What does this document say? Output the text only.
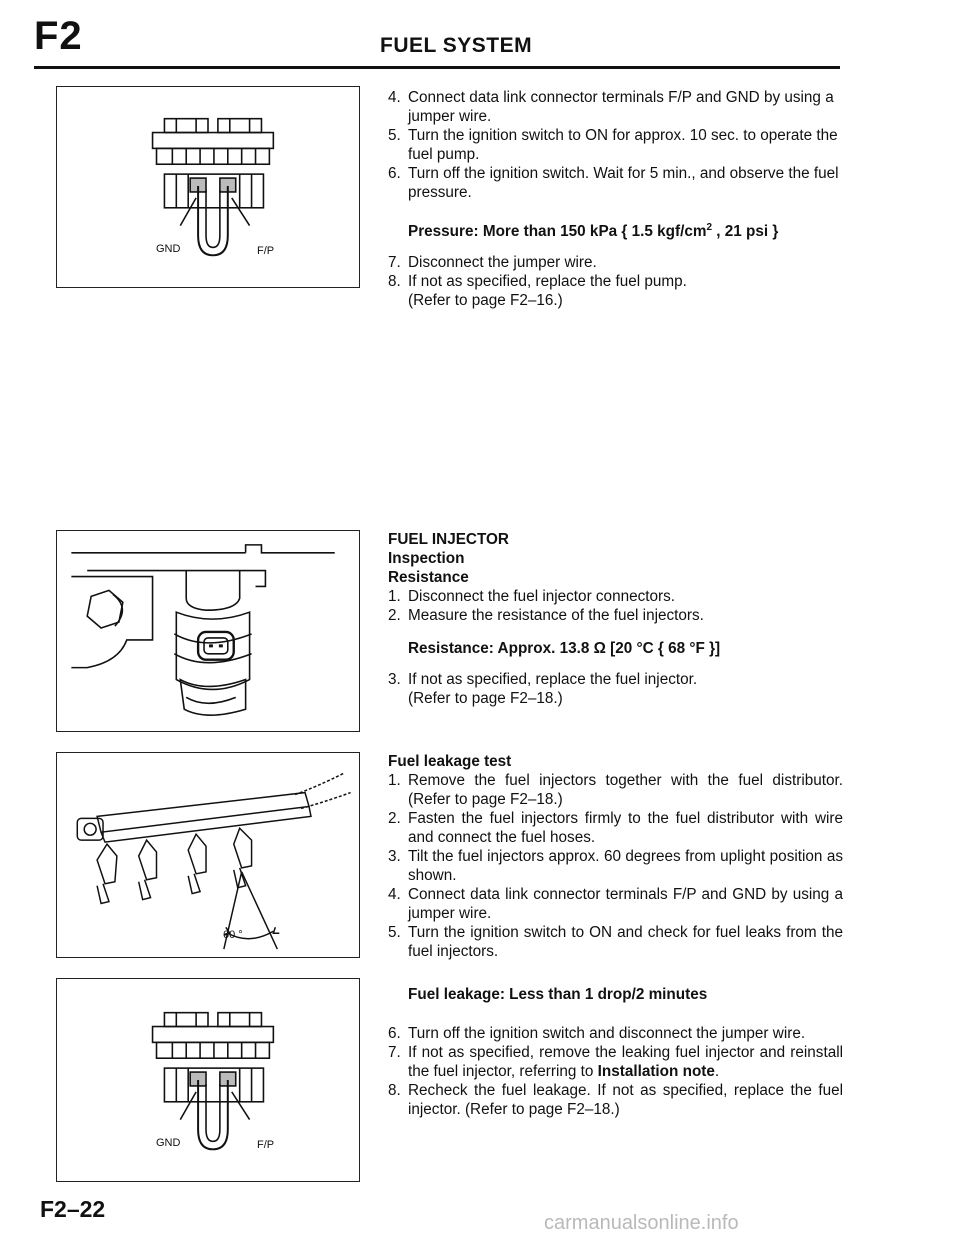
F2	FUEL SYSTEM
GND	F/P
60 °
GND	F/P
4. Connect data link connector terminals F/P and GND by using a jumper wire.
5. Turn the ignition switch to ON for approx. 10 sec. to operate the fuel pump.
6. Turn off the ignition switch. Wait for 5 min., and observe the fuel pressure.
Pressure: More than 150 kPa { 1.5 kgf/$cm^2$ , 21 psi }
7. Disconnect the jumper wire.
8. If not as specified, replace the fuel pump.
(Refer to page F2–16.)
FUEL INJECTOR
Inspection
Resistance
1. Disconnect the fuel injector connectors.
2. Measure the resistance of the fuel injectors.
Resistance: Approx. 13.8 Ω [20 °C { 68 °F }]
3. If not as specified, replace the fuel injector.
(Refer to page F2–18.)
Fuel leakage test
1. Remove the fuel injectors together with the fuel distributor. (Refer to page F2–18.)
2. Fasten the fuel injectors firmly to the fuel distributor with wire and connect the fuel hoses.
3. Tilt the fuel injectors approx. 60 degrees from uplight position as shown.
4. Connect data link connector terminals F/P and GND by using a jumper wire.
5. Turn the ignition switch to ON and check for fuel leaks from the fuel injectors.
Fuel leakage: Less than 1 drop/2 minutes
6. Turn off the ignition switch and disconnect the jumper wire.
7. If not as specified, remove the leaking fuel injector and reinstall the fuel injector, referring to Installation note.
8. Recheck the fuel leakage. If not as specified, replace the fuel injector. (Refer to page F2–18.)
F2–22
carmanualsonline.info
